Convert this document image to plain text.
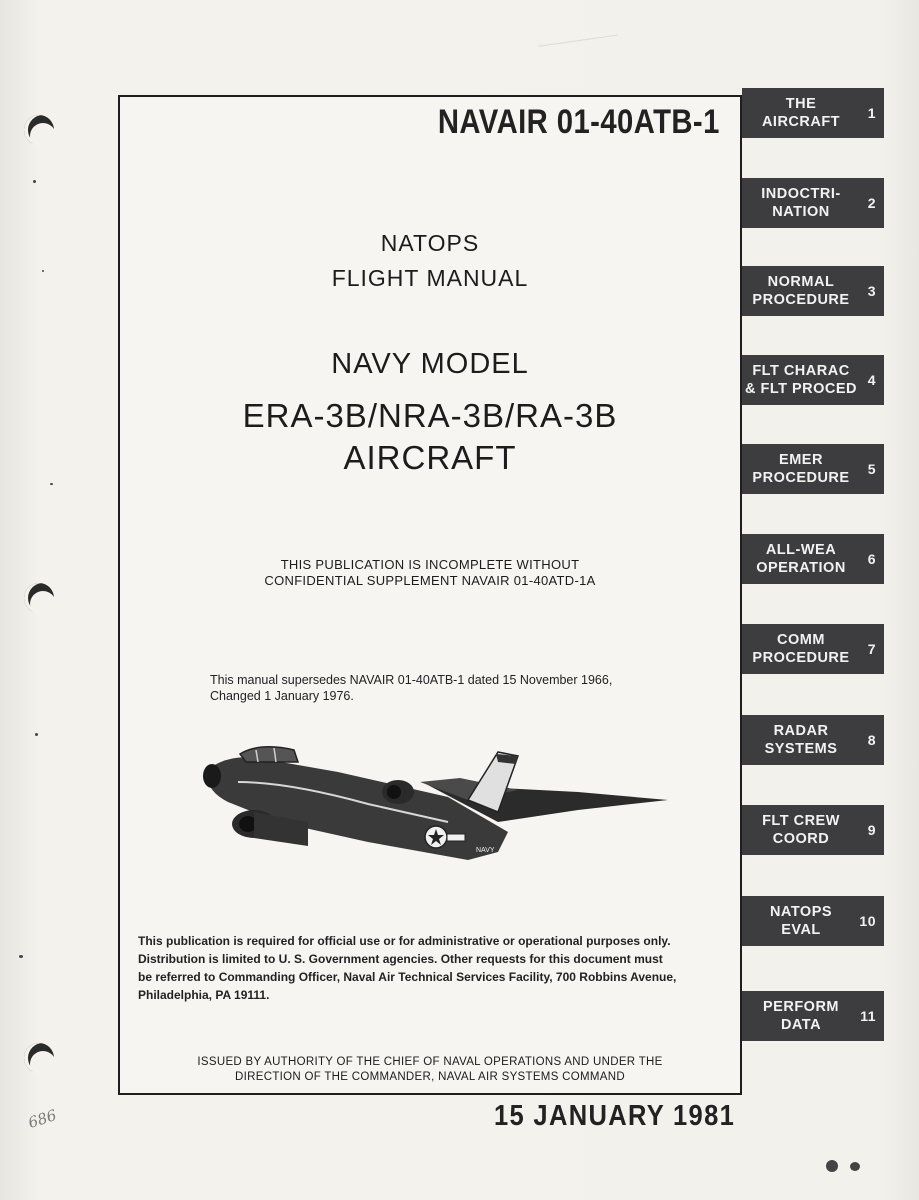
686
NAVAIR 01-40ATB-1
NATOPS
FLIGHT MANUAL
NAVY MODEL
ERA-3B/NRA-3B/RA-3B
AIRCRAFT
THIS PUBLICATION IS INCOMPLETE WITHOUT
CONFIDENTIAL SUPPLEMENT NAVAIR 01-40ATD-1A
This manual supersedes NAVAIR 01-40ATB-1 dated 15 November 1966,
Changed 1 January 1976.
NAVY
This publication is required for official use or for administrative or operational purposes only.
Distribution is limited to U. S. Government agencies. Other requests for this document must
be referred to Commanding Officer, Naval Air Technical Services Facility, 700 Robbins Avenue,
Philadelphia, PA 19111.
ISSUED BY AUTHORITY OF THE CHIEF OF NAVAL OPERATIONS AND UNDER THE
DIRECTION OF THE COMMANDER, NAVAL AIR SYSTEMS COMMAND
THE
AIRCRAFT
1
INDOCTRI-
NATION
2
NORMAL
PROCEDURE
3
FLT CHARAC
& FLT PROCED
4
EMER
PROCEDURE
5
ALL-WEA
OPERATION
6
COMM
PROCEDURE
7
RADAR
SYSTEMS
8
FLT CREW
COORD
9
NATOPS
EVAL
10
PERFORM
DATA
11
15 JANUARY 1981
